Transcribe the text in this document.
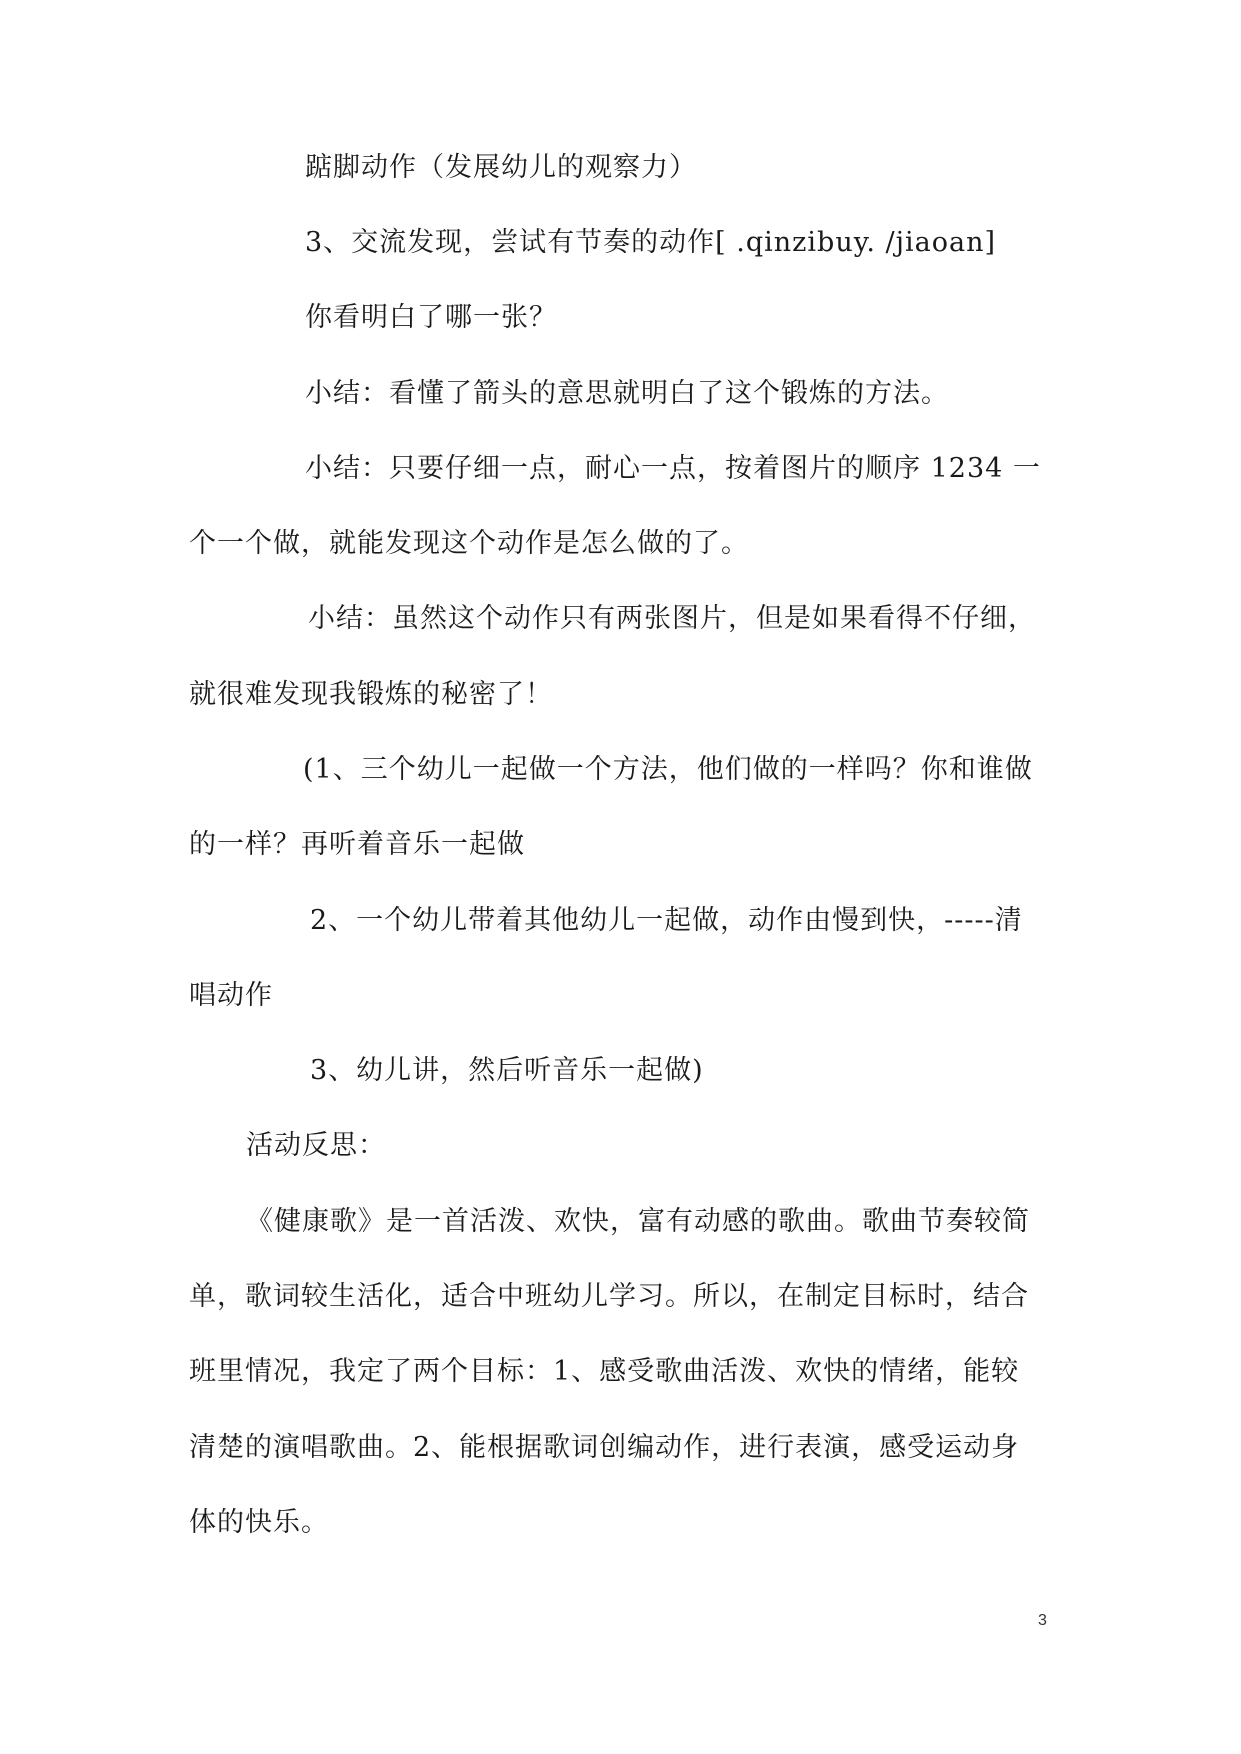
踮脚动作（发展幼儿的观察力）
3、交流发现，尝试有节奏的动作[ .qinzibuy. /jiaoan]
你看明白了哪一张？
小结：看懂了箭头的意思就明白了这个锻炼的方法。
小结：只要仔细一点，耐心一点，按着图片的顺序 1234 一
个一个做，就能发现这个动作是怎么做的了。
小结：虽然这个动作只有两张图片，但是如果看得不仔细，
就很难发现我锻炼的秘密了！
(1、三个幼儿一起做一个方法，他们做的一样吗？你和谁做
的一样？再听着音乐一起做
2、一个幼儿带着其他幼儿一起做，动作由慢到快，-----清
唱动作
3、幼儿讲，然后听音乐一起做)
活动反思：
《健康歌》是一首活泼、欢快，富有动感的歌曲。歌曲节奏较简
单，歌词较生活化，适合中班幼儿学习。所以，在制定目标时，结合
班里情况，我定了两个目标：1、感受歌曲活泼、欢快的情绪，能较
清楚的演唱歌曲。2、能根据歌词创编动作，进行表演，感受运动身
体的快乐。
3
